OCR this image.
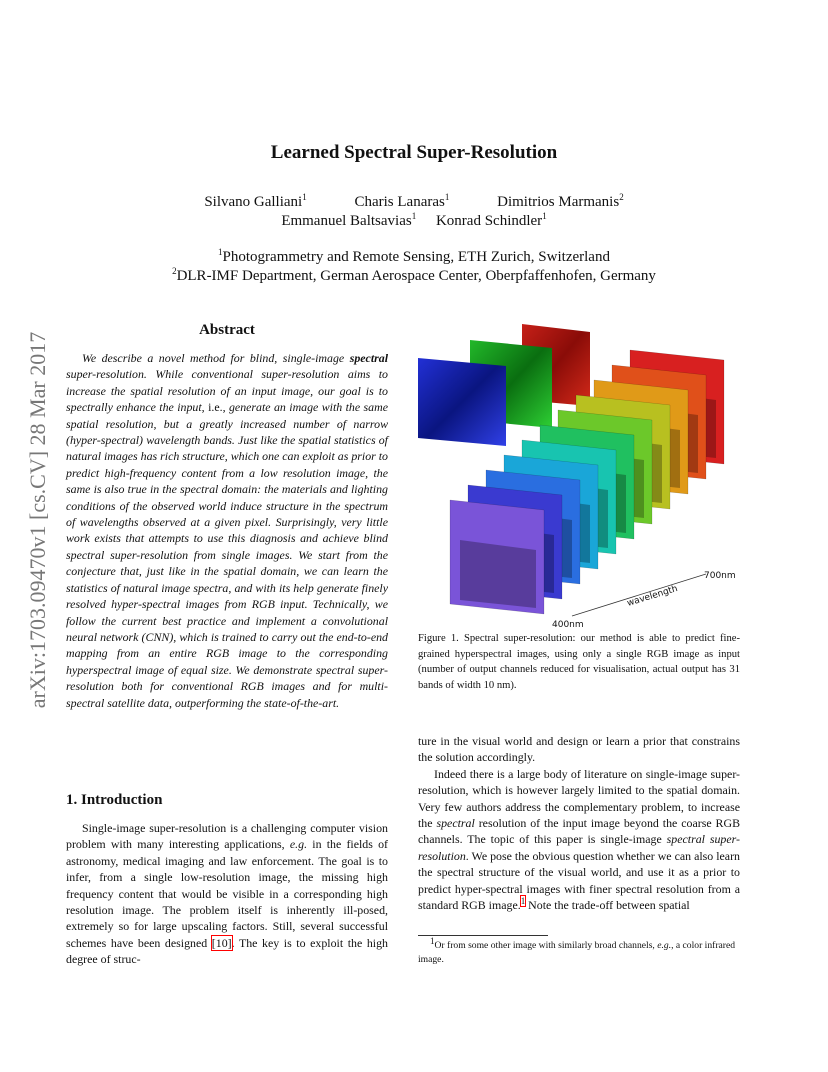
arXiv:1703.09470v1 [cs.CV] 28 Mar 2017
Learned Spectral Super-Resolution
Silvano Galliani$^1$	Charis Lanaras$^1$	Dimitrios Marmanis$^2$
Emmanuel Baltsavias$^1$ Konrad Schindler$^1$
$^1$Photogrammetry and Remote Sensing, ETH Zurich, Switzerland
$^2$DLR-IMF Department, German Aerospace Center, Oberpfaffenhofen, Germany
Abstract
We describe a novel method for blind, single-image spectral super-resolution. While conventional super-resolution aims to increase the spatial resolution of an input image, our goal is to spectrally enhance the input, i.e., generate an image with the same spatial resolution, but a greatly increased number of narrow (hyper-spectral) wavelength bands. Just like the spatial statistics of natural images has rich structure, which one can exploit as prior to predict high-frequency content from a low resolution image, the same is also true in the spectral domain: the materials and lighting conditions of the observed world induce structure in the spectrum of wavelengths observed at a given pixel. Surprisingly, very little work exists that attempts to use this diagnosis and achieve blind spectral super-resolution from single images. We start from the conjecture that, just like in the spatial domain, we can learn the statistics of natural image spectra, and with its help generate finely resolved hyper-spectral images from RGB input. Technically, we follow the current best practice and implement a convolutional neural network (CNN), which is trained to carry out the end-to-end mapping from an entire RGB image to the corresponding hyperspectral image of equal size. We demonstrate spectral super-resolution both for conventional RGB images and for multi-spectral satellite data, outperforming the state-of-the-art.
1. Introduction
Single-image super-resolution is a challenging computer vision problem with many interesting applications, e.g. in the fields of astronomy, medical imaging and law enforcement. The goal is to infer, from a single low-resolution image, the missing high frequency content that would be visible in a corresponding high resolution image. The problem itself is inherently ill-posed, extremely so for large upscaling factors. Still, several successful schemes have been designed [10]. The key is to exploit the high degree of struc-
wavelength
400nm
700nm
Figure 1. Spectral super-resolution: our method is able to predict fine-grained hyperspectral images, using only a single RGB image as input (number of output channels reduced for visualisation, actual output has 31 bands of width 10 nm).
ture in the visual world and design or learn a prior that constrains the solution accordingly.
Indeed there is a large body of literature on single-image super-resolution, which is however largely limited to the spatial domain. Very few authors address the complementary problem, to increase the spectral resolution of the input image beyond the coarse RGB channels. The topic of this paper is single-image spectral super-resolution. We pose the obvious question whether we can also learn the spectral structure of the visual world, and use it as a prior to predict hyper-spectral images with finer spectral resolution from a standard RGB image.$^1$ Note the trade-off between spatial
$^1$Or from some other image with similarly broad channels, e.g., a color infrared image.
